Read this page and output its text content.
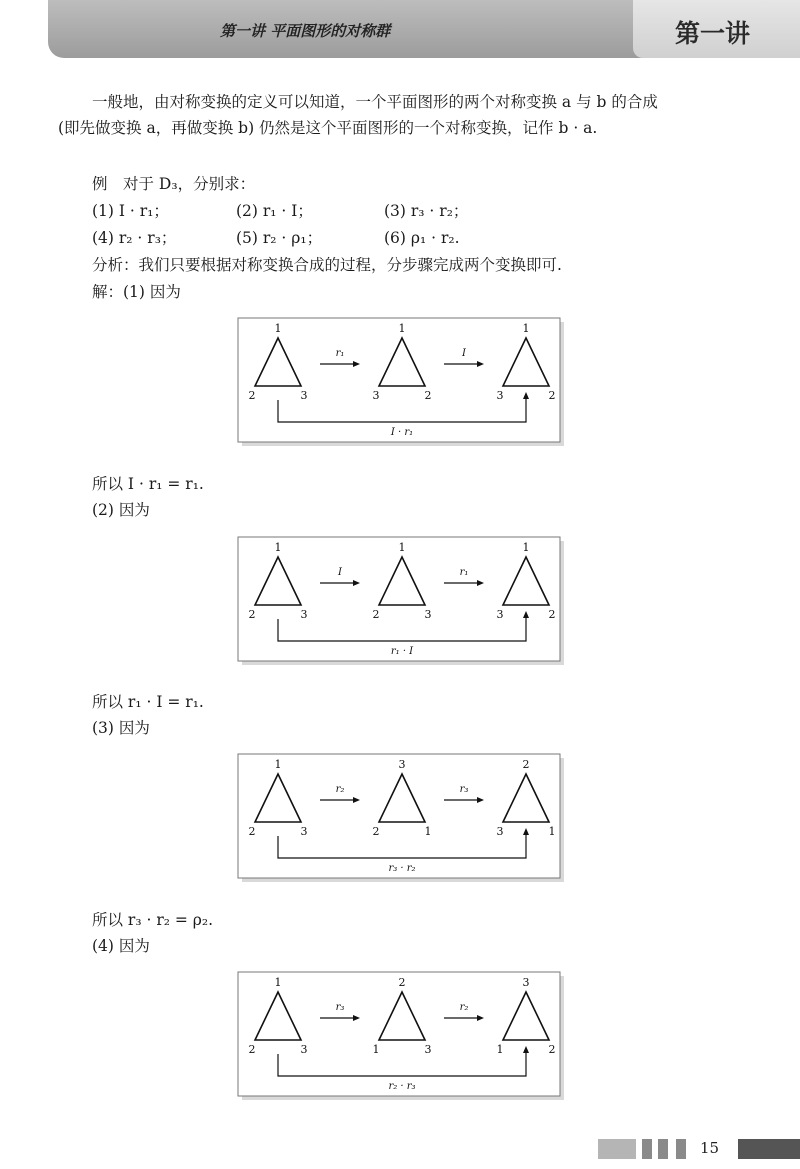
第一讲 平面图形的对称群	第一讲
一般地，由对称变换的定义可以知道，一个平面图形的两个对称变换 a 与 b 的合成
(即先做变换 a，再做变换 b) 仍然是这个平面图形的一个对称变换，记作 b · a.
例　对于 D₃，分别求：
(1) I · r₁；	(2) r₁ · I；	(3) r₃ · r₂；
(4) r₂ · r₃；	(5) r₂ · ρ₁；	(6) ρ₁ · r₂.
分析：我们只要根据对称变换合成的过程，分步骤完成两个变换即可.
解：(1) 因为
1
2	3
1
3	2
1
3	2
r₁	I
I · r₁
所以 I · r₁ = r₁.
(2) 因为
1
2	3
1
2	3
1
3	2
I	r₁
r₁ · I
所以 r₁ · I = r₁.
(3) 因为
1
2	3
3
2	1
2
3	1
r₂	r₃
r₃ · r₂
所以 r₃ · r₂ = ρ₂.
(4) 因为
1
2	3
2
1	3
3
1	2
r₃	r₂
r₂ · r₃
15
